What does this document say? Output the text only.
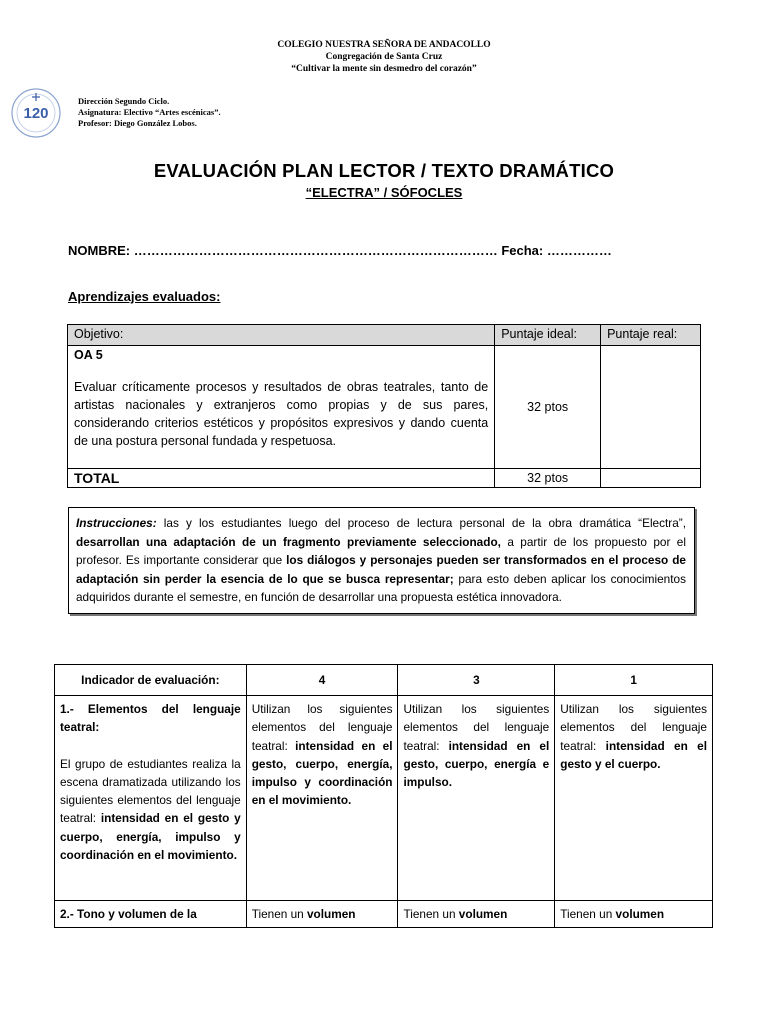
COLEGIO NUESTRA SEÑORA DE ANDACOLLO
Congregación de Santa Cruz
“Cultivar la mente sin desmedro del corazón”
120
Dirección Segundo Ciclo.
Asignatura: Electivo “Artes escénicas”.
Profesor: Diego González Lobos.
EVALUACIÓN PLAN LECTOR / TEXTO DRAMÁTICO
“ELECTRA” / SÓFOCLES
NOMBRE: ………………………………………………………………………… Fecha: ……………
Aprendizajes evaluados:
Objetivo:	Puntaje ideal:	Puntaje real:

OA 5
Evaluar críticamente procesos y resultados de obras teatrales, tanto de artistas nacionales y extranjeros como propias y de sus pares, considerando criterios estéticos y propósitos expresivos y dando cuenta de una postura personal fundada y respetuosa.	32 ptos	
TOTAL	32 ptos	
Instrucciones: las y los estudiantes luego del proceso de lectura personal de la obra dramática “Electra”, desarrollan una adaptación de un fragmento previamente seleccionado, a partir de los propuesto por el profesor. Es importante considerar que los diálogos y personajes pueden ser transformados en el proceso de adaptación sin perder la esencia de lo que se busca representar; para esto deben aplicar los conocimientos adquiridos durante el semestre, en función de desarrollar una propuesta estética innovadora.
Indicador de evaluación:	4	3	1

1.- Elementos del lenguaje teatral:
El grupo de estudiantes realiza la escena dramatizada utilizando los siguientes elementos del lenguaje teatral: intensidad en el gesto y cuerpo, energía, impulso y coordinación en el movimiento.	Utilizan los siguientes elementos del lenguaje teatral: intensidad en el gesto, cuerpo, energía, impulso y coordinación en el movimiento.	Utilizan los siguientes elementos del lenguaje teatral: intensidad en el gesto, cuerpo, energía e impulso.	Utilizan los siguientes elementos del lenguaje teatral: intensidad en el gesto y el cuerpo.
2.- Tono y volumen de la	Tienen un volumen	Tienen un volumen	Tienen un volumen
